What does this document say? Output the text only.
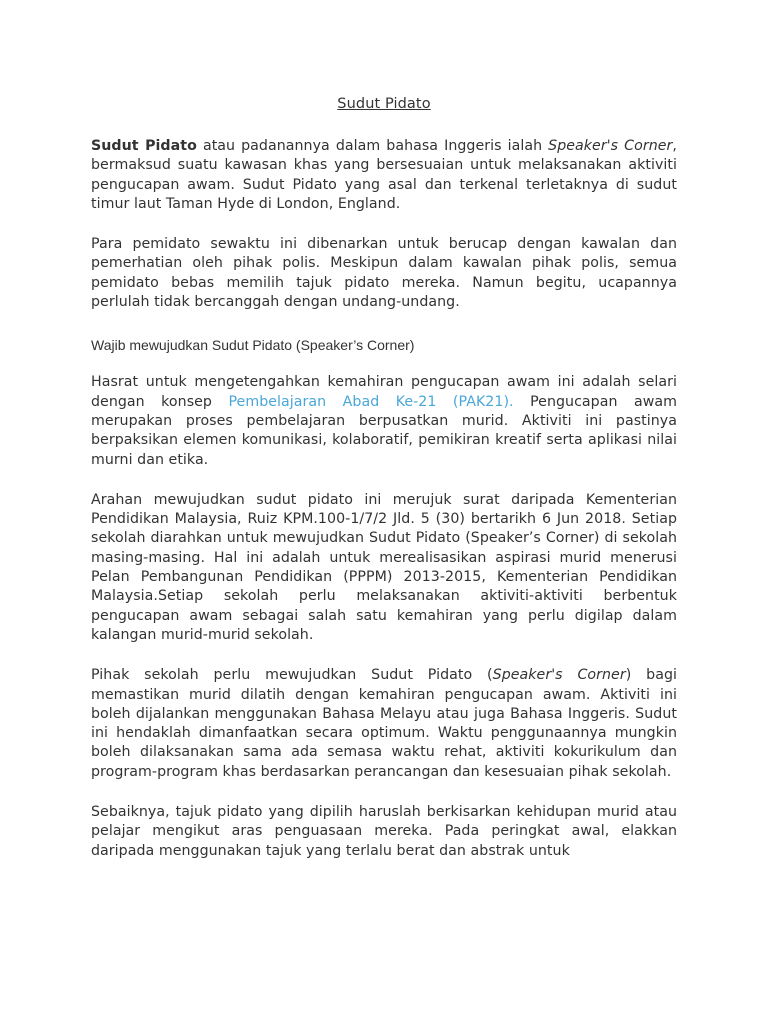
Sudut Pidato

Sudut Pidato atau padanannya dalam bahasa Inggeris ialah Speaker's Corner, bermaksud suatu kawasan khas yang bersesuaian untuk melaksanakan aktiviti pengucapan awam. Sudut Pidato yang asal dan terkenal terletaknya di sudut timur laut Taman Hyde di London, England.

Para pemidato sewaktu ini dibenarkan untuk berucap dengan kawalan dan pemerhatian oleh pihak polis. Meskipun dalam kawalan pihak polis, semua pemidato bebas memilih tajuk pidato mereka. Namun begitu, ucapannya perlulah tidak bercanggah dengan undang-undang.

Wajib mewujudkan Sudut Pidato (Speaker’s Corner)

Hasrat untuk mengetengahkan kemahiran pengucapan awam ini adalah selari dengan konsep Pembelajaran Abad Ke-21 (PAK21). Pengucapan awam merupakan proses pembelajaran berpusatkan murid. Aktiviti ini pastinya berpaksikan elemen komunikasi, kolaboratif, pemikiran kreatif serta aplikasi nilai murni dan etika.

Arahan mewujudkan sudut pidato ini merujuk surat daripada Kementerian Pendidikan Malaysia, Ruiz KPM.100-1/7/2 Jld. 5 (30) bertarikh 6 Jun 2018. Setiap sekolah diarahkan untuk mewujudkan Sudut Pidato (Speaker’s Corner) di sekolah masing-masing. Hal ini adalah untuk merealisasikan aspirasi murid menerusi Pelan Pembangunan Pendidikan (PPPM) 2013-2015, Kementerian Pendidikan Malaysia.Setiap sekolah perlu melaksanakan aktiviti-aktiviti berbentuk pengucapan awam sebagai salah satu kemahiran yang perlu digilap dalam kalangan murid-murid sekolah.

Pihak sekolah perlu mewujudkan Sudut Pidato (Speaker's Corner) bagi memastikan murid dilatih dengan kemahiran pengucapan awam. Aktiviti ini boleh dijalankan menggunakan Bahasa Melayu atau juga Bahasa Inggeris. Sudut ini hendaklah dimanfaatkan secara optimum. Waktu penggunaannya mungkin boleh dilaksanakan sama ada semasa waktu rehat, aktiviti kokurikulum dan program-program khas berdasarkan perancangan dan kesesuaian pihak sekolah.

Sebaiknya, tajuk pidato yang dipilih haruslah berkisarkan kehidupan murid atau pelajar mengikut aras penguasaan mereka. Pada peringkat awal, elakkan daripada menggunakan tajuk yang terlalu berat dan abstrak untuk
